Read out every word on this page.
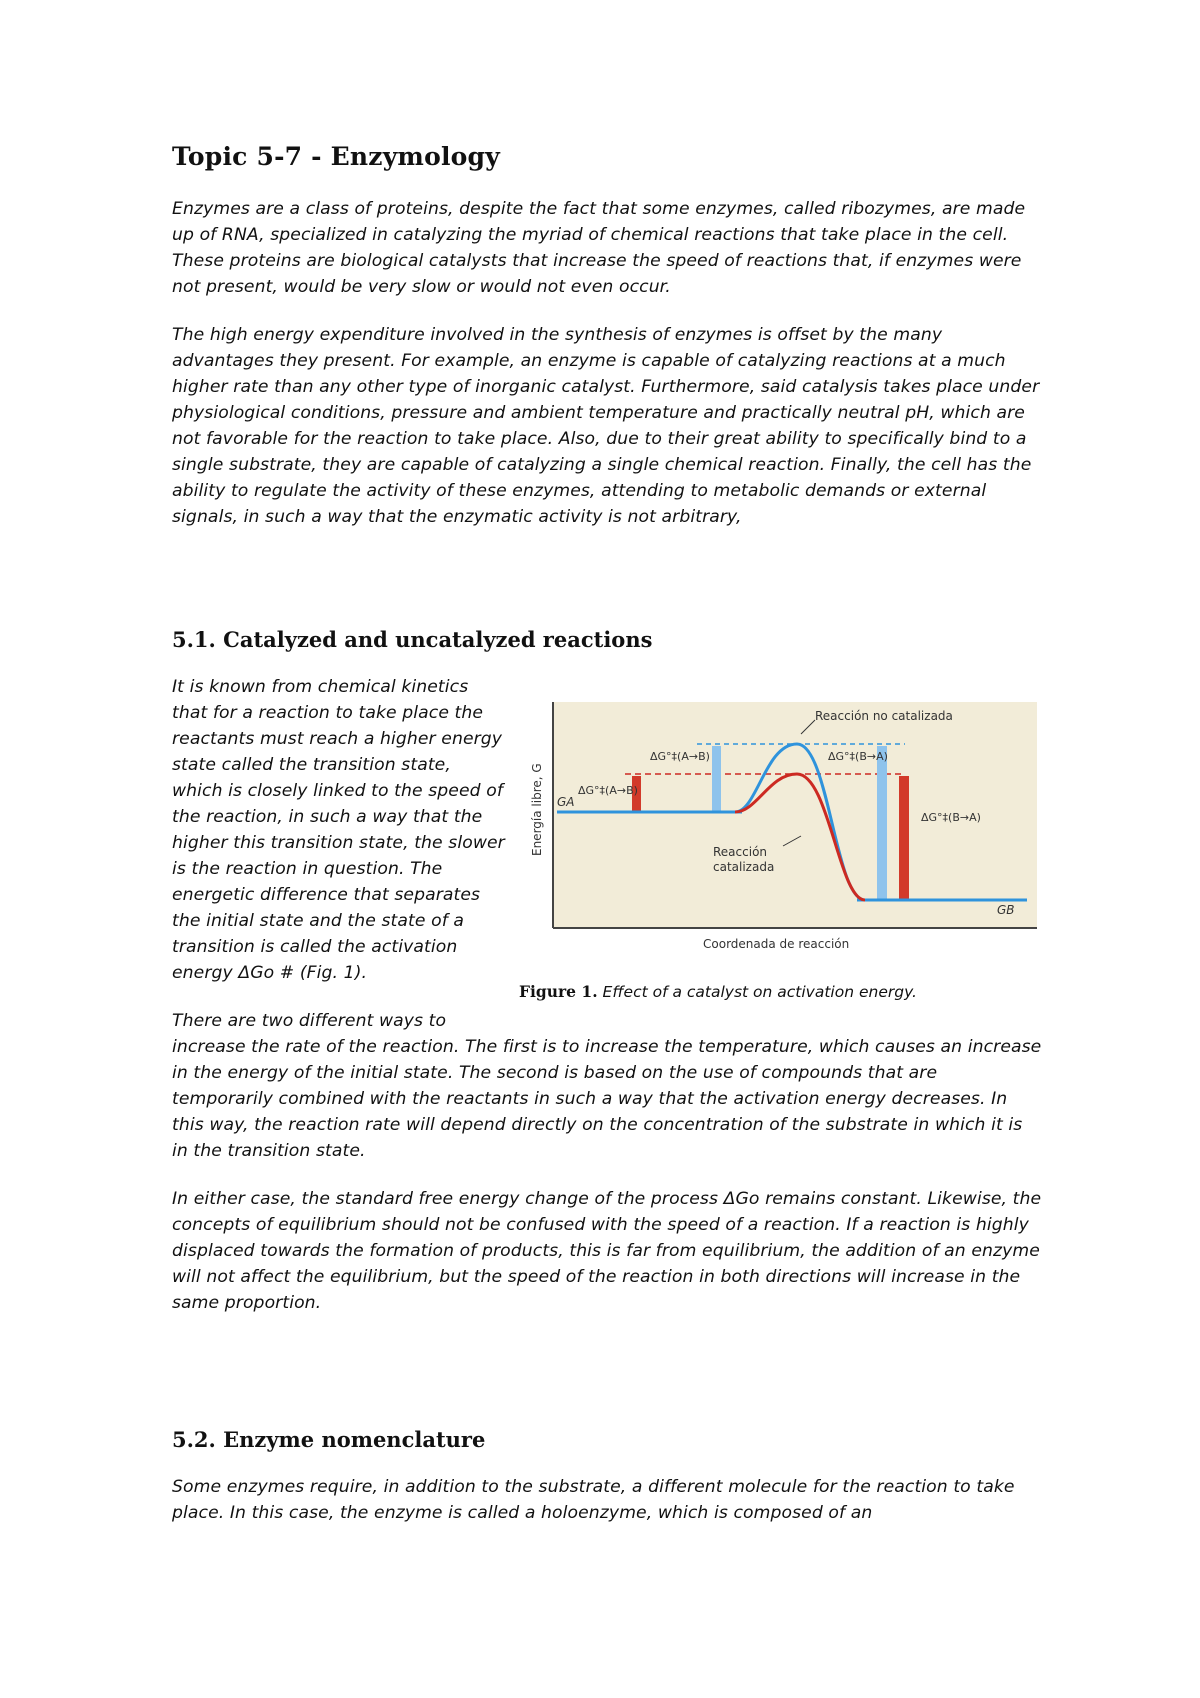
Topic 5-7 - Enzymology

Enzymes are a class of proteins, despite the fact that some enzymes, called ribozymes, are made up of RNA, specialized in catalyzing the myriad of chemical reactions that take place in the cell. These proteins are biological catalysts that increase the speed of reactions that, if enzymes were not present, would be very slow or would not even occur.

The high energy expenditure involved in the synthesis of enzymes is offset by the many advantages they present. For example, an enzyme is capable of catalyzing reactions at a much higher rate than any other type of inorganic catalyst. Furthermore, said catalysis takes place under physiological conditions, pressure and ambient temperature and practically neutral pH, which are not favorable for the reaction to take place. Also, due to their great ability to specifically bind to a single substrate, they are capable of catalyzing a single chemical reaction. Finally, the cell has the ability to regulate the activity of these enzymes, attending to metabolic demands or external signals, in such a way that the enzymatic activity is not arbitrary,

5.1. Catalyzed and uncatalyzed reactions

It is known from chemical kinetics that for a reaction to take place the reactants must reach a higher energy state called the transition state, which is closely linked to the speed of the reaction, in such a way that the higher this transition state, the slower is the reaction in question. The energetic difference that separates the initial state and the state of a transition is called the activation energy ΔGo # (Fig. 1).

Reacción no catalizada
Reacción
catalizada
GA
GB
ΔG°‡(A→B)
ΔG°‡(A→B)
ΔG°‡(B→A)
ΔG°‡(B→A)
Energía libre, G
Coordenada de reacción
Figure 1. Effect of a catalyst on activation energy.

There are two different ways to

increase the rate of the reaction. The first is to increase the temperature, which causes an increase in the energy of the initial state. The second is based on the use of compounds that are temporarily combined with the reactants in such a way that the activation energy decreases. In this way, the reaction rate will depend directly on the concentration of the substrate in which it is in the transition state.

In either case, the standard free energy change of the process ΔGo remains constant. Likewise, the concepts of equilibrium should not be confused with the speed of a reaction. If a reaction is highly displaced towards the formation of products, this is far from equilibrium, the addition of an enzyme will not affect the equilibrium, but the speed of the reaction in both directions will increase in the same proportion.

5.2. Enzyme nomenclature

Some enzymes require, in addition to the substrate, a different molecule for the reaction to take place. In this case, the enzyme is called a holoenzyme, which is composed of an
